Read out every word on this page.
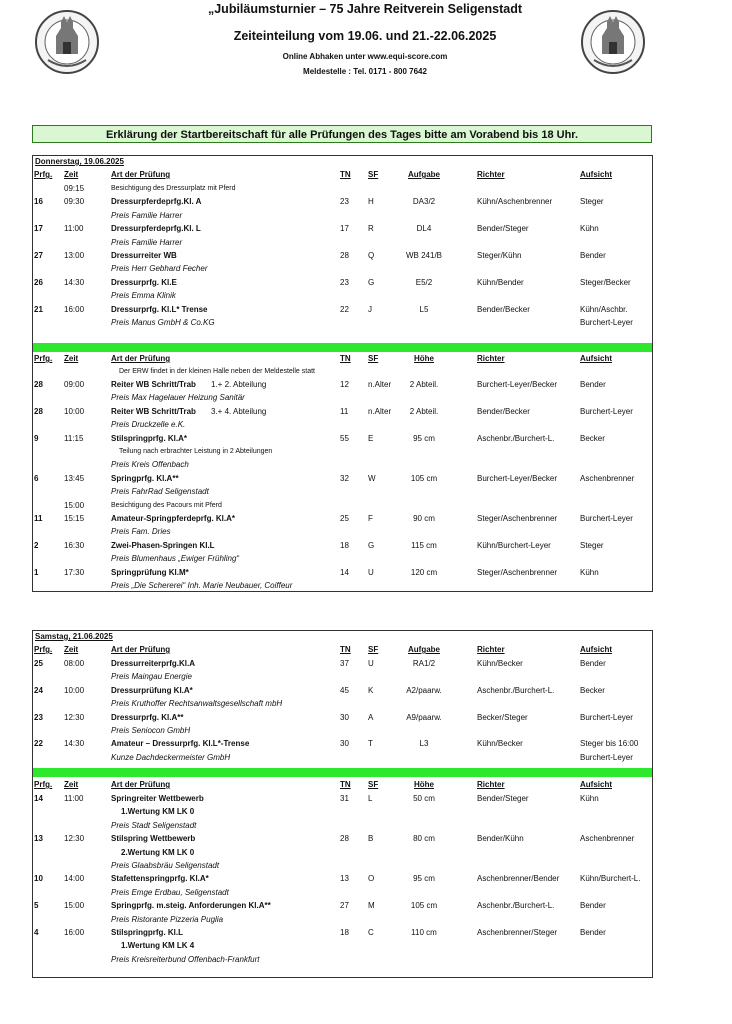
„Jubiläumsturnier – 75 Jahre Reitverein Seligenstadt
Zeiteinteilung vom 19.06. und 21.-22.06.2025
Online Abhaken unter www.equi-score.com
Meldestelle : Tel. 0171 - 800 7642
Erklärung der Startbereitschaft für alle Prüfungen des Tages bitte am Vorabend bis 18 Uhr.
Donnerstag, 19.06.2025
Prfg. Zeit	Art der Prüfung	TN SF	Aufgabe	Richter	Aufsicht
09:15	Besichtigung des Dressurplatz mit Pferd
16	09:30	Dressurpferdeprfg.Kl. A	23 H	DA3/2	Kühn/Aschenbrenner	Steger
Preis Familie Harrer
17	11:00	Dressurpferdeprfg.Kl. L	17 R	DL4	Bender/Steger	Kühn
Preis Familie Harrer
27	13:00	Dressurreiter WB	28 Q	WB 241/B	Steger/Kühn	Bender
Preis Herr Gebhard Fecher
26	14:30	Dressurprfg. Kl.E	23 G	E5/2	Kühn/Bender	Steger/Becker
Preis Emma Klinik
21	16:00	Dressurprfg. Kl.L* Trense	22 J	L5	Bender/Becker	Kühn/Aschbr.
Preis Manus GmbH & Co.KG	Burchert-Leyer
Prfg. Zeit	Art der Prüfung	TN SF	Höhe	Richter	Aufsicht
Der ERW findet in der kleinen Halle neben der Meldestelle statt
28	09:00	Reiter WB Schritt/Trab 1.+ 2. Abteilung	12 n.Alter	2 Abteil.	Burchert-Leyer/Becker	Bender
Preis Max Hagelauer Heizung Sanitär
28	10:00	Reiter WB Schritt/Trab 3.+ 4. Abteilung	11 n.Alter	2 Abteil.	Bender/Becker	Burchert-Leyer
Preis Druckzelle e.K.
9	11:15	Stilspringprfg. Kl.A*	55 E	95 cm	Aschenbr./Burchert-L.	Becker
Teilung nach erbrachter Leistung in 2 Abteilungen
Preis Kreis Offenbach
6	13:45	Springprfg. Kl.A**	32 W	105 cm	Burchert-Leyer/Becker	Aschenbrenner
Preis FahrRad Seligenstadt
15:00	Besichtigung des Pacours mit Pferd
11	15:15	Amateur-Springpferdeprfg. Kl.A*	25 F	90 cm	Steger/Aschenbrenner	Burchert-Leyer
Preis Fam. Dries
2	16:30	Zwei-Phasen-Springen Kl.L	18 G	115 cm	Kühn/Burchert-Leyer	Steger
Preis Blumenhaus „Ewiger Frühling“
1	17:30	Springprüfung Kl.M*	14 U	120 cm	Steger/Aschenbrenner	Kühn
Preis „Die Schererei“ Inh. Marie Neubauer, Coiffeur
Samstag, 21.06.2025
Prfg. Zeit	Art der Prüfung	TN SF	Aufgabe	Richter	Aufsicht
25	08:00	Dressurreiterprfg.Kl.A	37 U	RA1/2	Kühn/Becker	Bender
Preis Maingau Energie
24	10:00	Dressurprüfung Kl.A*	45 K	A2/paarw.	Aschenbr./Burchert-L.	Becker
Preis Kruthoffer Rechtsanwaltsgesellschaft mbH
23	12:30	Dressurprfg. Kl.A**	30 A	A9/paarw.	Becker/Steger	Burchert-Leyer
Preis Seniocon GmbH
22	14:30	Amateur – Dressurprfg. Kl.L*-Trense	30 T	L3	Kühn/Becker	Steger bis 16:00
Kunze Dachdeckermeister GmbH	Burchert-Leyer
Prfg. Zeit	Art der Prüfung	TN SF	Höhe	Richter	Aufsicht
14	11:00	Springreiter Wettbewerb	31 L	50 cm	Bender/Steger	Kühn
1.Wertung KM LK 0
Preis Stadt Seligenstadt
13	12:30	Stilspring Wettbewerb	28 B	80 cm	Bender/Kühn	Aschenbrenner
2.Wertung KM LK 0
Preis Glaabsbräu Seligenstadt
10	14:00	Stafettenspringprfg. Kl.A*	13 O	95 cm	Aschenbrenner/Bender	Kühn/Burchert-L.
Preis Emge Erdbau, Seligenstadt
5	15:00	Springprfg. m.steig. Anforderungen Kl.A**	27 M	105 cm	Aschenbr./Burchert-L.	Bender
Preis Ristorante Pizzeria Puglia
4	16:00	Stilspringprfg. Kl.L	18 C	110 cm	Aschenbrenner/Steger	Bender
1.Wertung KM LK 4
Preis Kreisreiterbund Offenbach-Frankfurt
